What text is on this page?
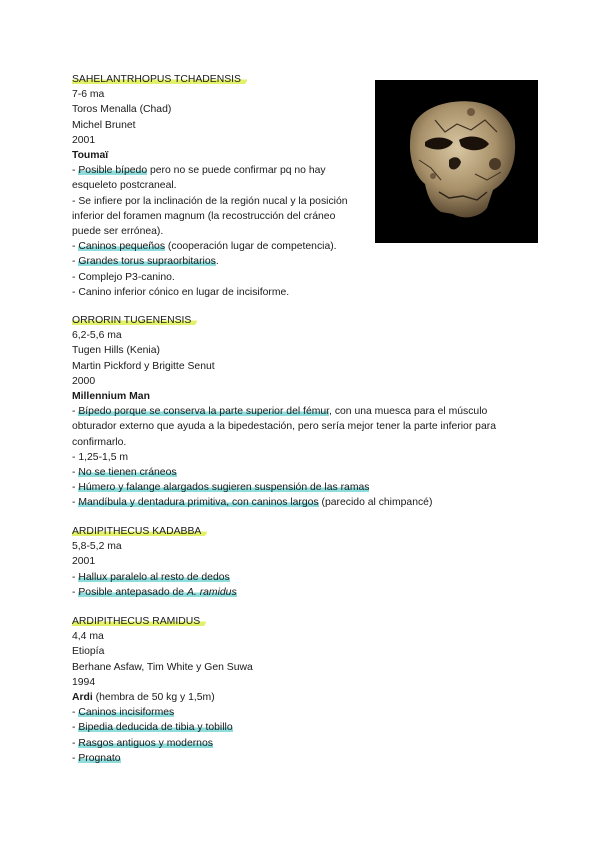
SAHELANTRHOPUS TCHADENSIS
7-6 ma
Toros Menalla (Chad)
Michel Brunet
2001
Toumaï
- Posible bípedo pero no se puede confirmar pq no hay esqueleto postcraneal.
- Se infiere por la inclinación de la región nucal y la posición inferior del foramen magnum (la recostrucción del cráneo puede ser errónea).
- Caninos pequeños (cooperación lugar de competencia).
- Grandes torus supraorbitarios.
- Complejo P3-canino.
- Canino inferior cónico en lugar de incisiforme.
ORRORIN TUGENENSIS
6,2-5,6 ma
Tugen Hills (Kenia)
Martin Pickford y Brigitte Senut
2000
Millennium Man
- Bípedo porque se conserva la parte superior del fémur, con una muesca para el músculo obturador externo que ayuda a la bipedestación, pero sería mejor tener la parte inferior para confirmarlo.
- 1,25-1,5 m
- No se tienen cráneos
- Húmero y falange alargados sugieren suspensión de las ramas
- Mandíbula y dentadura primitiva, con caninos largos (parecido al chimpancé)
ARDIPITHECUS KADABBA
5,8-5,2 ma
2001
- Hallux paralelo al resto de dedos
- Posible antepasado de A. ramidus
ARDIPITHECUS RAMIDUS
4,4 ma
Etiopía
Berhane Asfaw, Tim White y Gen Suwa
1994
Ardi (hembra de 50 kg y 1,5m)
- Caninos incisiformes
- Bipedia deducida de tibia y tobillo
- Rasgos antiguos y modernos
- Prognato
